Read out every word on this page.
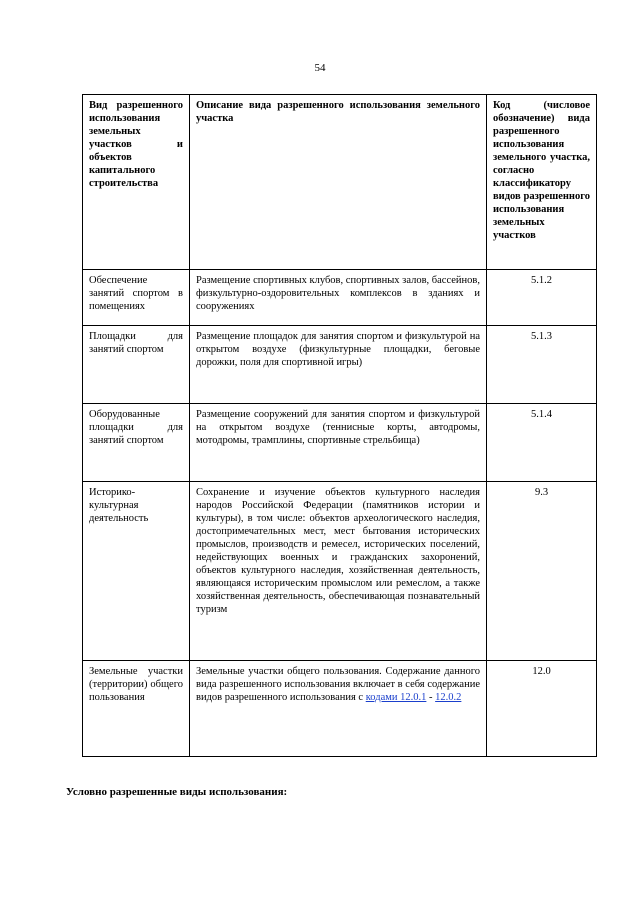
54
Вид разрешенного использования земельных участков и объектов капитального строительства	Описание вида разрешенного использования земельного участка	Код (числовое обозначение) вида разрешенного использования земельного участка, согласно классификатору видов разрешенного использования земельных участков
Обеспечение занятий спортом в помещениях	Размещение спортивных клубов, спортивных залов, бассейнов, физкультурно-оздоровительных комплексов в зданиях и сооружениях	5.1.2
Площадки для занятий спортом	Размещение площадок для занятия спортом и физкультурой на открытом воздухе (физкультурные площадки, беговые дорожки, поля для спортивной игры)	5.1.3
Оборудованные площадки для занятий спортом	Размещение сооружений для занятия спортом и физкультурой на открытом воздухе (теннисные корты, автодромы, мотодромы, трамплины, спортивные стрельбища)	5.1.4
Историко-культурная деятельность	Сохранение и изучение объектов культурного наследия народов Российской Федерации (памятников истории и культуры), в том числе: объектов археологического наследия, достопримечательных мест, мест бытования исторических промыслов, производств и ремесел, исторических поселений, недействующих военных и гражданских захоронений, объектов культурного наследия, хозяйственная деятельность, являющаяся историческим промыслом или ремеслом, а также хозяйственная деятельность, обеспечивающая познавательный туризм	9.3
Земельные участки (территории) общего пользования	Земельные участки общего пользования. Содержание данного вида разрешенного использования включает в себя содержание видов разрешенного использования с кодами 12.0.1 - 12.0.2	12.0
Условно разрешенные виды использования:
